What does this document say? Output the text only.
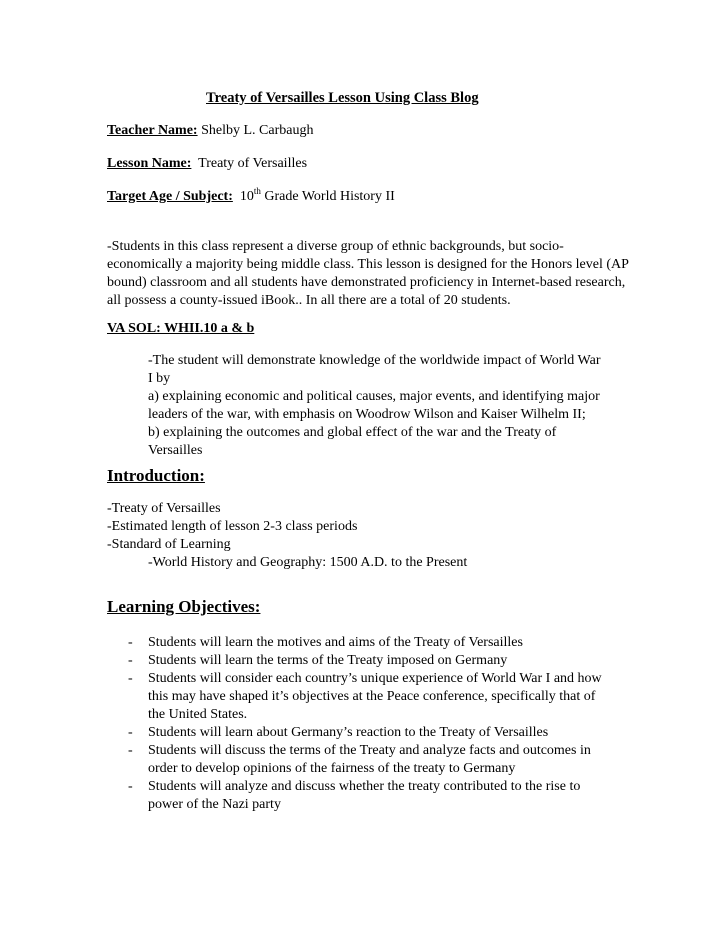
Treaty of Versailles Lesson Using Class Blog
Teacher Name: Shelby L. Carbaugh
Lesson Name: Treaty of Versailles
Target Age / Subject: 10th Grade World History II
-Students in this class represent a diverse group of ethnic backgrounds, but socio-
economically a majority being middle class. This lesson is designed for the Honors level (AP
bound) classroom and all students have demonstrated proficiency in Internet-based research,
all possess a county-issued iBook.. In all there are a total of 20 students.
VA SOL: WHII.10 a & b
-The student will demonstrate knowledge of the worldwide impact of World War
I by
a) explaining economic and political causes, major events, and identifying major
leaders of the war, with emphasis on Woodrow Wilson and Kaiser Wilhelm II;
b) explaining the outcomes and global effect of the war and the Treaty of
Versailles
Introduction:
-Treaty of Versailles
-Estimated length of lesson 2-3 class periods
-Standard of Learning
-World History and Geography: 1500 A.D. to the Present
Learning Objectives:
- Students will learn the motives and aims of the Treaty of Versailles
- Students will learn the terms of the Treaty imposed on Germany
- Students will consider each country’s unique experience of World War I and how
this may have shaped it’s objectives at the Peace conference, specifically that of
the United States.
- Students will learn about Germany’s reaction to the Treaty of Versailles
- Students will discuss the terms of the Treaty and analyze facts and outcomes in
order to develop opinions of the fairness of the treaty to Germany
- Students will analyze and discuss whether the treaty contributed to the rise to
power of the Nazi party
